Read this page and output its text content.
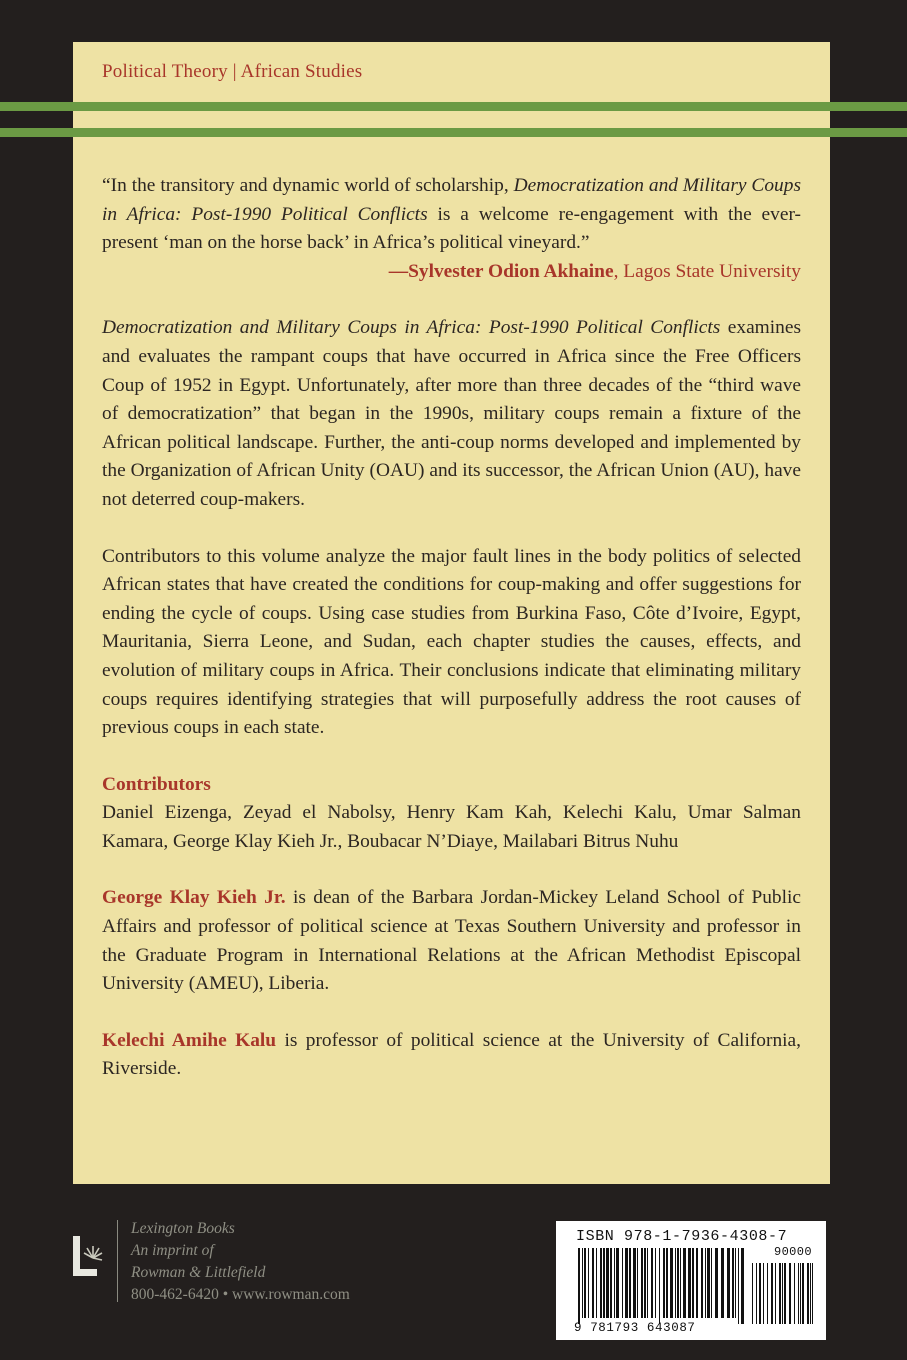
Political Theory | African Studies

“In the transitory and dynamic world of scholarship, Democratization and Military Coups in Africa: Post-1990 Political Conflicts is a welcome re-engagement with the ever-present ‘man on the horse back’ in Africa’s political vineyard.”

—Sylvester Odion Akhaine, Lagos State University

Democratization and Military Coups in Africa: Post-1990 Political Conflicts examines and evaluates the rampant coups that have occurred in Africa since the Free Officers Coup of 1952 in Egypt. Unfortunately, after more than three decades of the “third wave of democratization” that began in the 1990s, military coups remain a fixture of the African political landscape. Further, the anti-coup norms developed and implemented by the Organization of African Unity (OAU) and its successor, the African Union (AU), have not deterred coup-makers.

Contributors to this volume analyze the major fault lines in the body politics of selected African states that have created the conditions for coup-making and offer suggestions for ending the cycle of coups. Using case studies from Burkina Faso, Côte d’Ivoire, Egypt, Mauritania, Sierra Leone, and Sudan, each chapter studies the causes, effects, and evolution of military coups in Africa. Their conclusions indicate that eliminating military coups requires identifying strategies that will purposefully address the root causes of previous coups in each state.

Contributors

Daniel Eizenga, Zeyad el Nabolsy, Henry Kam Kah, Kelechi Kalu, Umar Salman Kamara, George Klay Kieh Jr., Boubacar N’Diaye, Mailabari Bitrus Nuhu

George Klay Kieh Jr. is dean of the Barbara Jordan-Mickey Leland School of Public Affairs and professor of political science at Texas Southern University and professor in the Graduate Program in International Relations at the African Methodist Episcopal University (AMEU), Liberia.

Kelechi Amihe Kalu is professor of political science at the University of California, Riverside.

Lexington Books
An imprint of
Rowman & Littlefield
800-462-6420 • www.rowman.com
ISBN 978-1-7936-4308-7
90000
9 781793 643087
